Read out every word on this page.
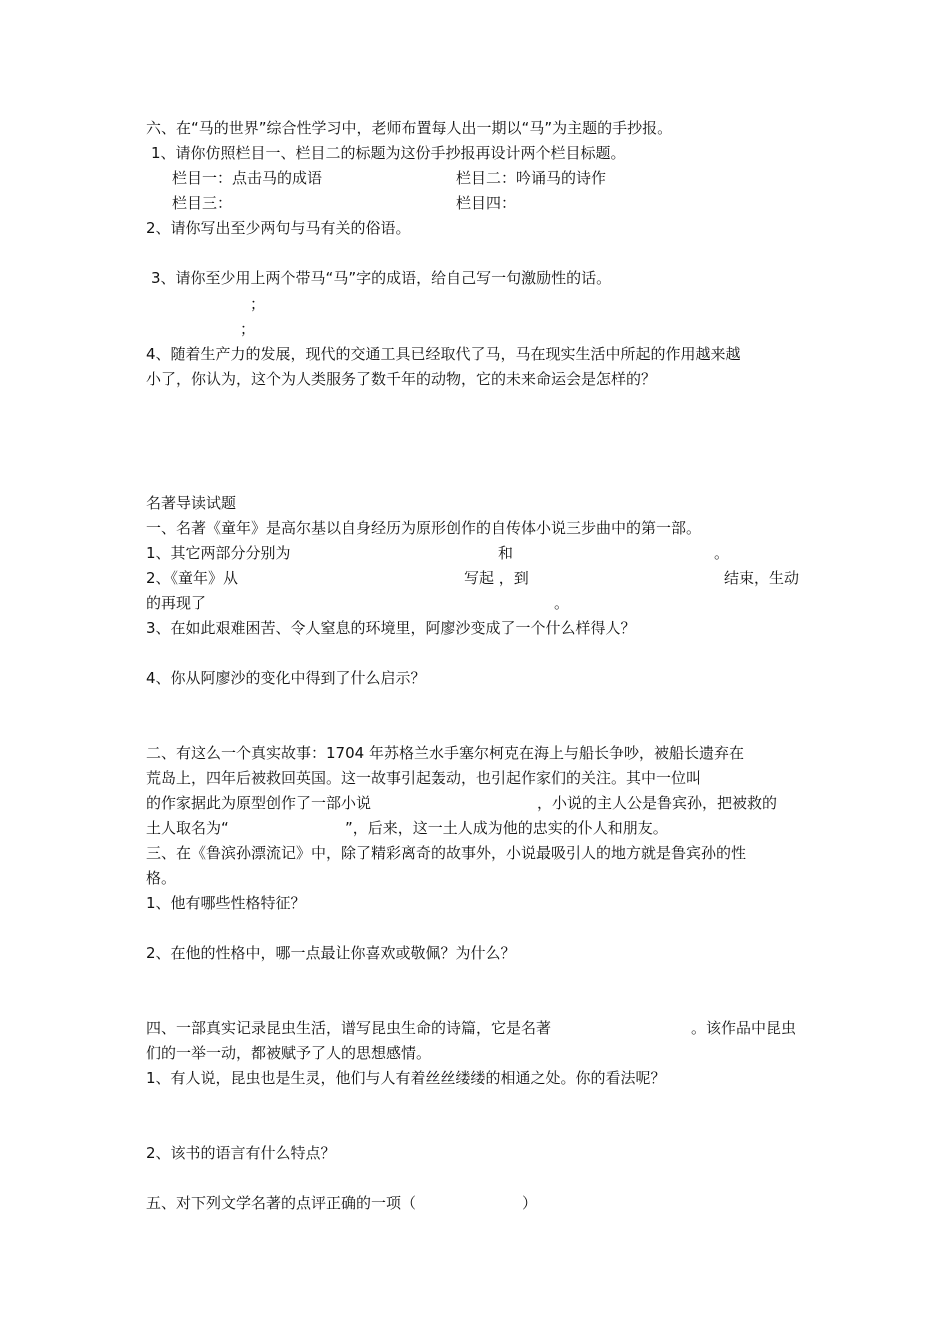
六、在“马的世界”综合性学习中，老师布置每人出一期以“马”为主题的手抄报。

1、请你仿照栏目一、栏目二的标题为这份手抄报再设计两个栏目标题。

栏目一：点击马的成语	栏目二：吟诵马的诗作

栏目三：	栏目四：

2、请你写出至少两句与马有关的俗语。

3、请你至少用上两个带马“马”字的成语，给自己写一句激励性的话。

；

；

4、随着生产力的发展，现代的交通工具已经取代了马，马在现实生活中所起的作用越来越

小了，你认为，这个为人类服务了数千年的动物，它的未来命运会是怎样的？

名著导读试题

一、名著《童年》是高尔基以自身经历为原形创作的自传体小说三步曲中的第一部。

1、其它两部分分别为	和	。

2、《童年》从	写起 ，到	结束，生动

的再现了	。

3、在如此艰难困苦、令人窒息的环境里，阿廖沙变成了一个什么样得人？

4、你从阿廖沙的变化中得到了什么启示？

二、有这么一个真实故事：1704 年苏格兰水手塞尔柯克在海上与船长争吵，被船长遗弃在

荒岛上，四年后被救回英国。这一故事引起轰动，也引起作家们的关注。其中一位叫

的作家据此为原型创作了一部小说	，小说的主人公是鲁宾孙，把被救的

土人取名为“	”，后来，这一土人成为他的忠实的仆人和朋友。

三、在《鲁滨孙漂流记》中，除了精彩离奇的故事外，小说最吸引人的地方就是鲁宾孙的性

格。

1、他有哪些性格特征？

2、在他的性格中，哪一点最让你喜欢或敬佩？为什么？

四、一部真实记录昆虫生活，谱写昆虫生命的诗篇，它是名著	。该作品中昆虫

们的一举一动，都被赋予了人的思想感情。

1、有人说，昆虫也是生灵，他们与人有着丝丝缕缕的相通之处。你的看法呢？

2、该书的语言有什么特点？

五、对下列文学名著的点评正确的一项（	）
